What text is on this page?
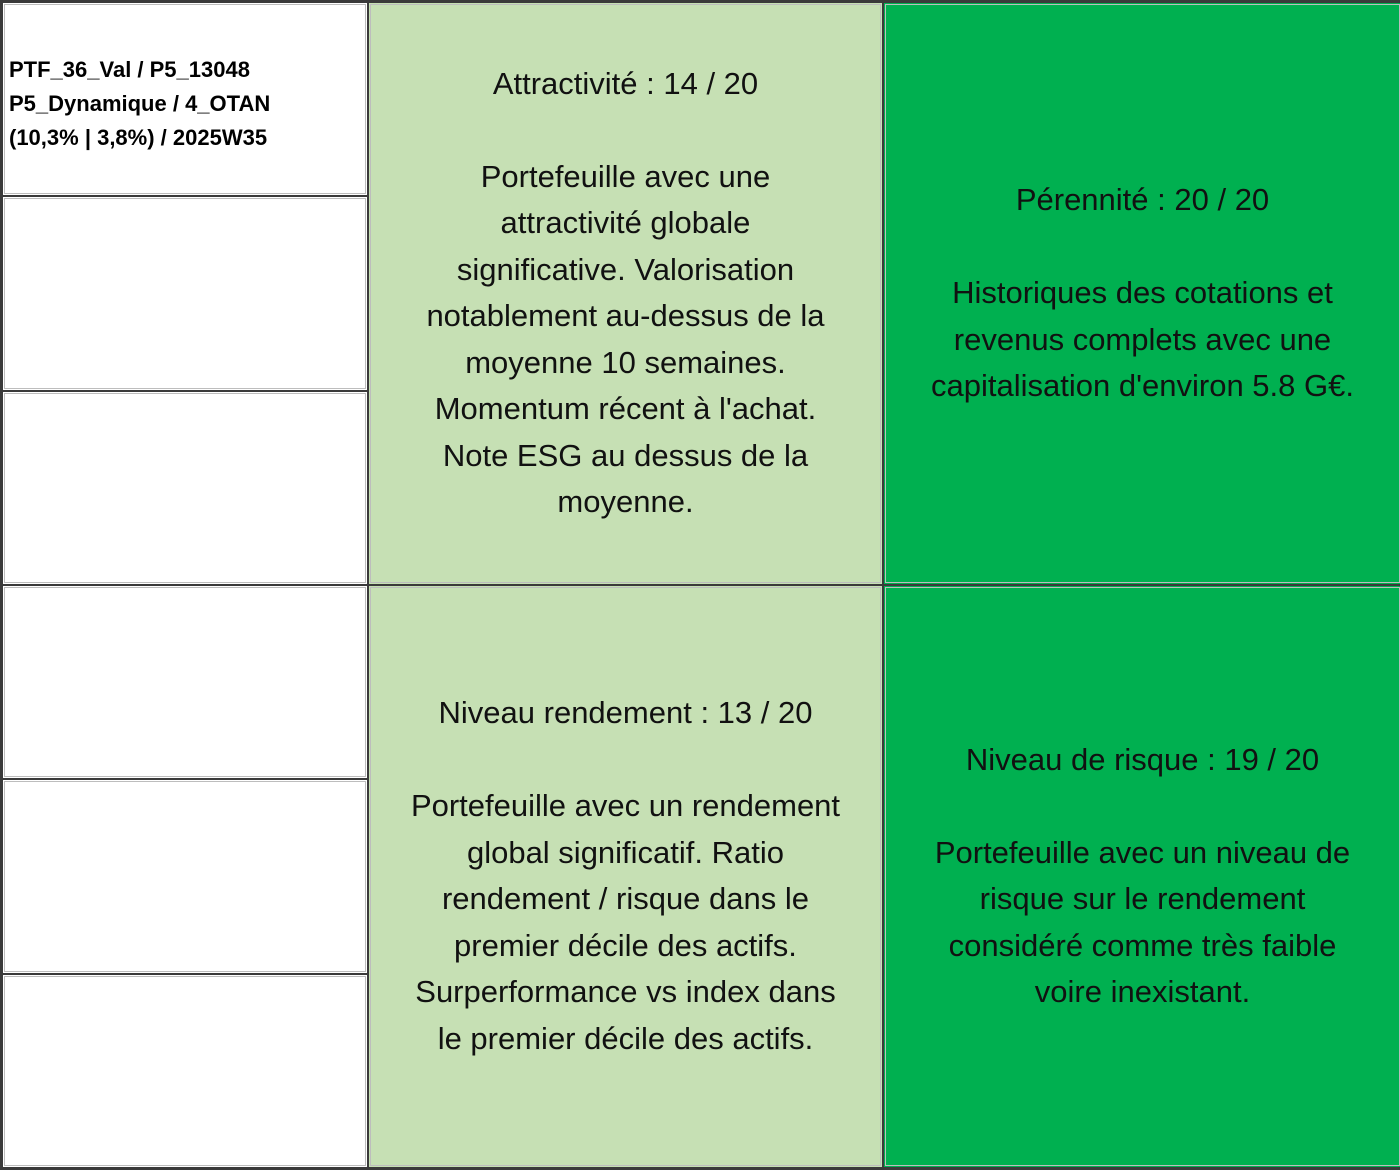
PTF_36_Val / P5_13048
P5_Dynamique / 4_OTAN
(10,3% | 3,8%) / 2025W35
Attractivité : 14 / 20
Portefeuille avec une
attractivité globale
significative. Valorisation
notablement au-dessus de la
moyenne 10 semaines.
Momentum récent à l'achat.
Note ESG au dessus de la
moyenne.
Pérennité : 20 / 20
Historiques des cotations et
revenus complets avec une
capitalisation d'environ 5.8 G€.
Niveau rendement : 13 / 20
Portefeuille avec un rendement
global significatif. Ratio
rendement / risque dans le
premier décile des actifs.
Surperformance vs index dans
le premier décile des actifs.
Niveau de risque : 19 / 20
Portefeuille avec un niveau de
risque sur le rendement
considéré comme très faible
voire inexistant.
